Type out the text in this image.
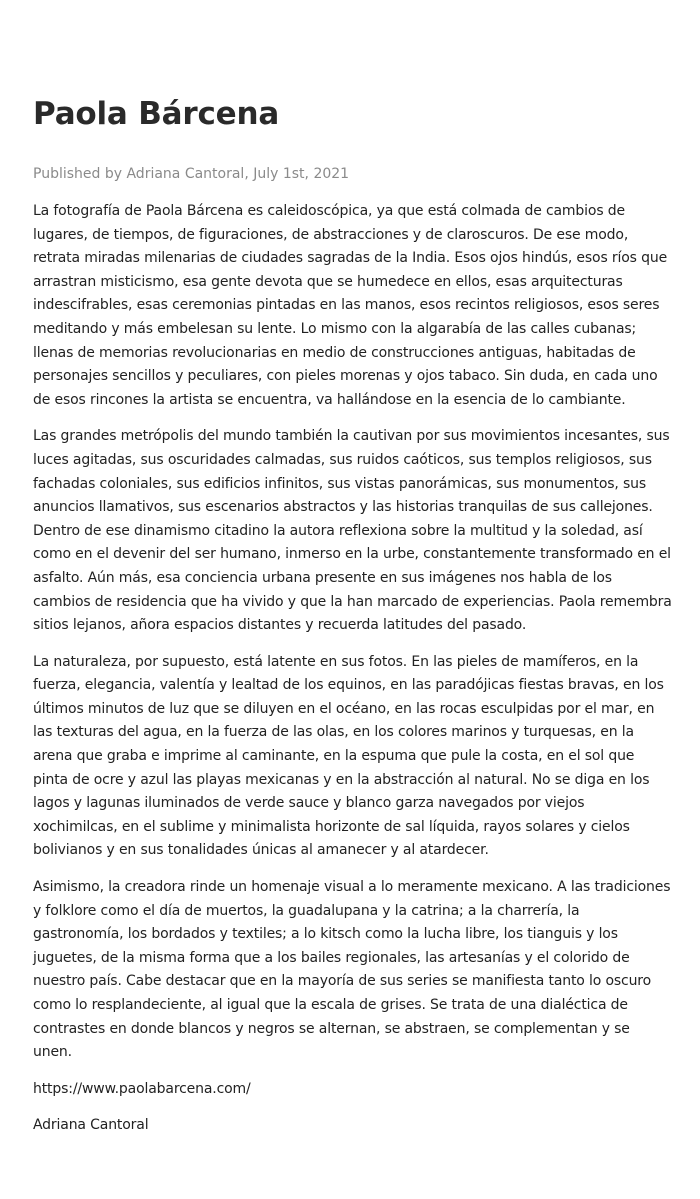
Paola Bárcena
Published by Adriana Cantoral, July 1st, 2021

La fotografía de Paola Bárcena es caleidoscópica, ya que está colmada de cambios de lugares, de tiempos, de figuraciones, de abstracciones y de claroscuros. De ese modo, retrata miradas milenarias de ciudades sagradas de la India. Esos ojos hindús, esos ríos que arrastran misticismo, esa gente devota que se humedece en ellos, esas arquitecturas indescifrables, esas ceremonias pintadas en las manos, esos recintos religiosos, esos seres meditando y más embelesan su lente. Lo mismo con la algarabía de las calles cubanas; llenas de memorias revolucionarias en medio de construcciones antiguas, habitadas de personajes sencillos y peculiares, con pieles morenas y ojos tabaco. Sin duda, en cada uno de esos rincones la artista se encuentra, va hallándose en la esencia de lo cambiante.

Las grandes metrópolis del mundo también la cautivan por sus movimientos incesantes, sus luces agitadas, sus oscuridades calmadas, sus ruidos caóticos, sus templos religiosos, sus fachadas coloniales, sus edificios infinitos, sus vistas panorámicas, sus monumentos, sus anuncios llamativos, sus escenarios abstractos y las historias tranquilas de sus callejones. Dentro de ese dinamismo citadino la autora reflexiona sobre la multitud y la soledad, así como en el devenir del ser humano, inmerso en la urbe, constantemente transformado en el asfalto. Aún más, esa conciencia urbana presente en sus imágenes nos habla de los cambios de residencia que ha vivido y que la han marcado de experiencias. Paola remembra sitios lejanos, añora espacios distantes y recuerda latitudes del pasado.

La naturaleza, por supuesto, está latente en sus fotos. En las pieles de mamíferos, en la fuerza, elegancia, valentía y lealtad de los equinos, en las paradójicas fiestas bravas, en los últimos minutos de luz que se diluyen en el océano, en las rocas esculpidas por el mar, en las texturas del agua, en la fuerza de las olas, en los colores marinos y turquesas, en la arena que graba e imprime al caminante, en la espuma que pule la costa, en el sol que pinta de ocre y azul las playas mexicanas y en la abstracción al natural. No se diga en los lagos y lagunas iluminados de verde sauce y blanco garza navegados por viejos xochimilcas, en el sublime y minimalista horizonte de sal líquida, rayos solares y cielos bolivianos y en sus tonalidades únicas al amanecer y al atardecer.

Asimismo, la creadora rinde un homenaje visual a lo meramente mexicano. A las tradiciones y folklore como el día de muertos, la guadalupana y la catrina; a la charrería, la gastronomía, los bordados y textiles; a lo kitsch como la lucha libre, los tianguis y los juguetes, de la misma forma que a los bailes regionales, las artesanías y el colorido de nuestro país. Cabe destacar que en la mayoría de sus series se manifiesta tanto lo oscuro como lo resplandeciente, al igual que la escala de grises. Se trata de una dialéctica de contrastes en donde blancos y negros se alternan, se abstraen, se complementan y se unen.

https://www.paolabarcena.com/

Adriana Cantoral
